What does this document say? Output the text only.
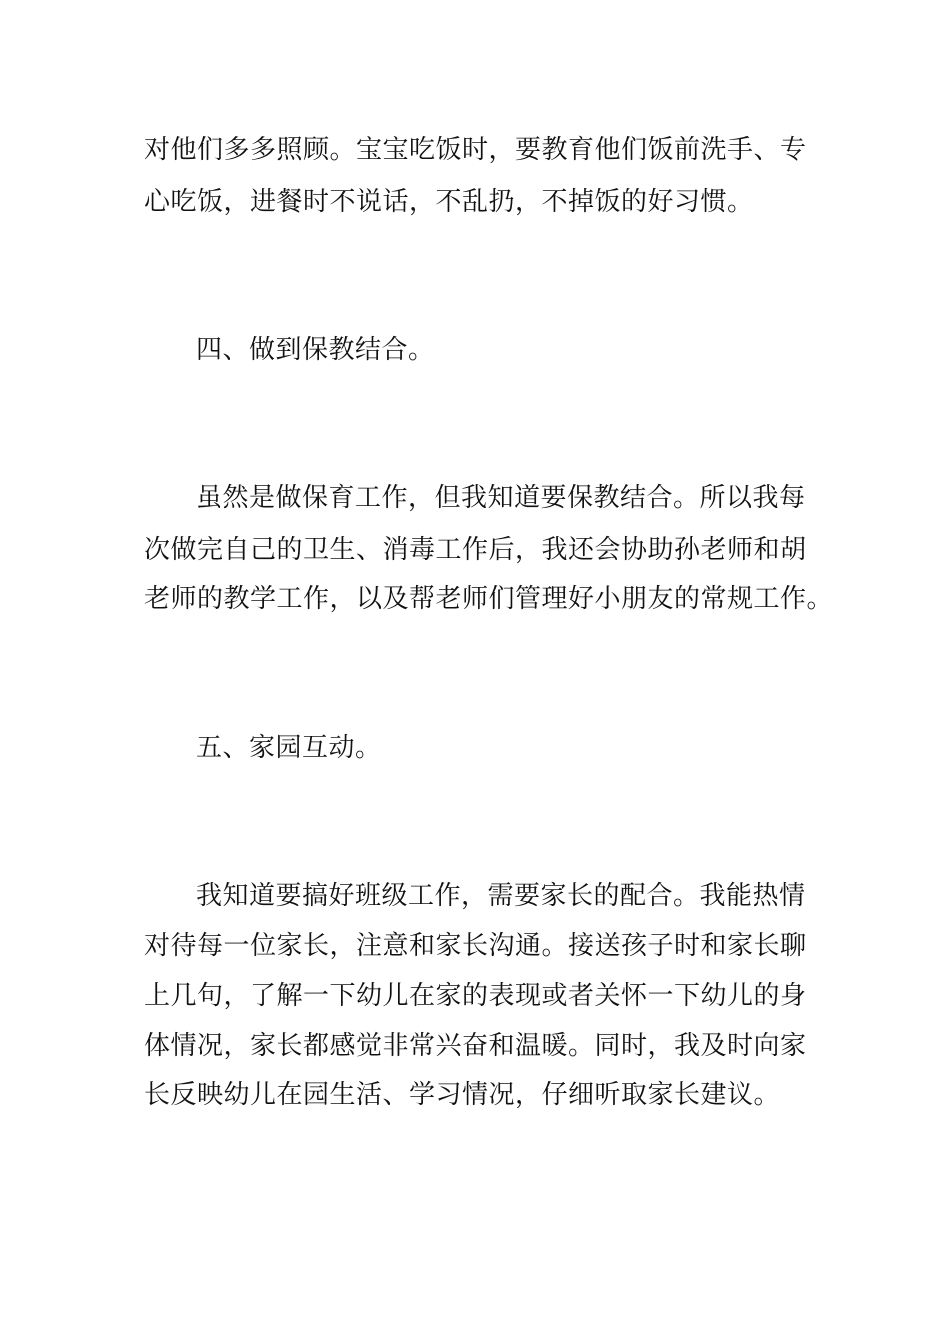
对他们多多照顾。宝宝吃饭时，要教育他们饭前洗手、专
心吃饭，进餐时不说话，不乱扔，不掉饭的好习惯。
四、做到保教结合。
虽然是做保育工作，但我知道要保教结合。所以我每
次做完自己的卫生、消毒工作后，我还会协助孙老师和胡
老师的教学工作，以及帮老师们管理好小朋友的常规工作。
五、家园互动。
我知道要搞好班级工作，需要家长的配合。我能热情
对待每一位家长，注意和家长沟通。接送孩子时和家长聊
上几句，了解一下幼儿在家的表现或者关怀一下幼儿的身
体情况，家长都感觉非常兴奋和温暖。同时，我及时向家
长反映幼儿在园生活、学习情况，仔细听取家长建议。
